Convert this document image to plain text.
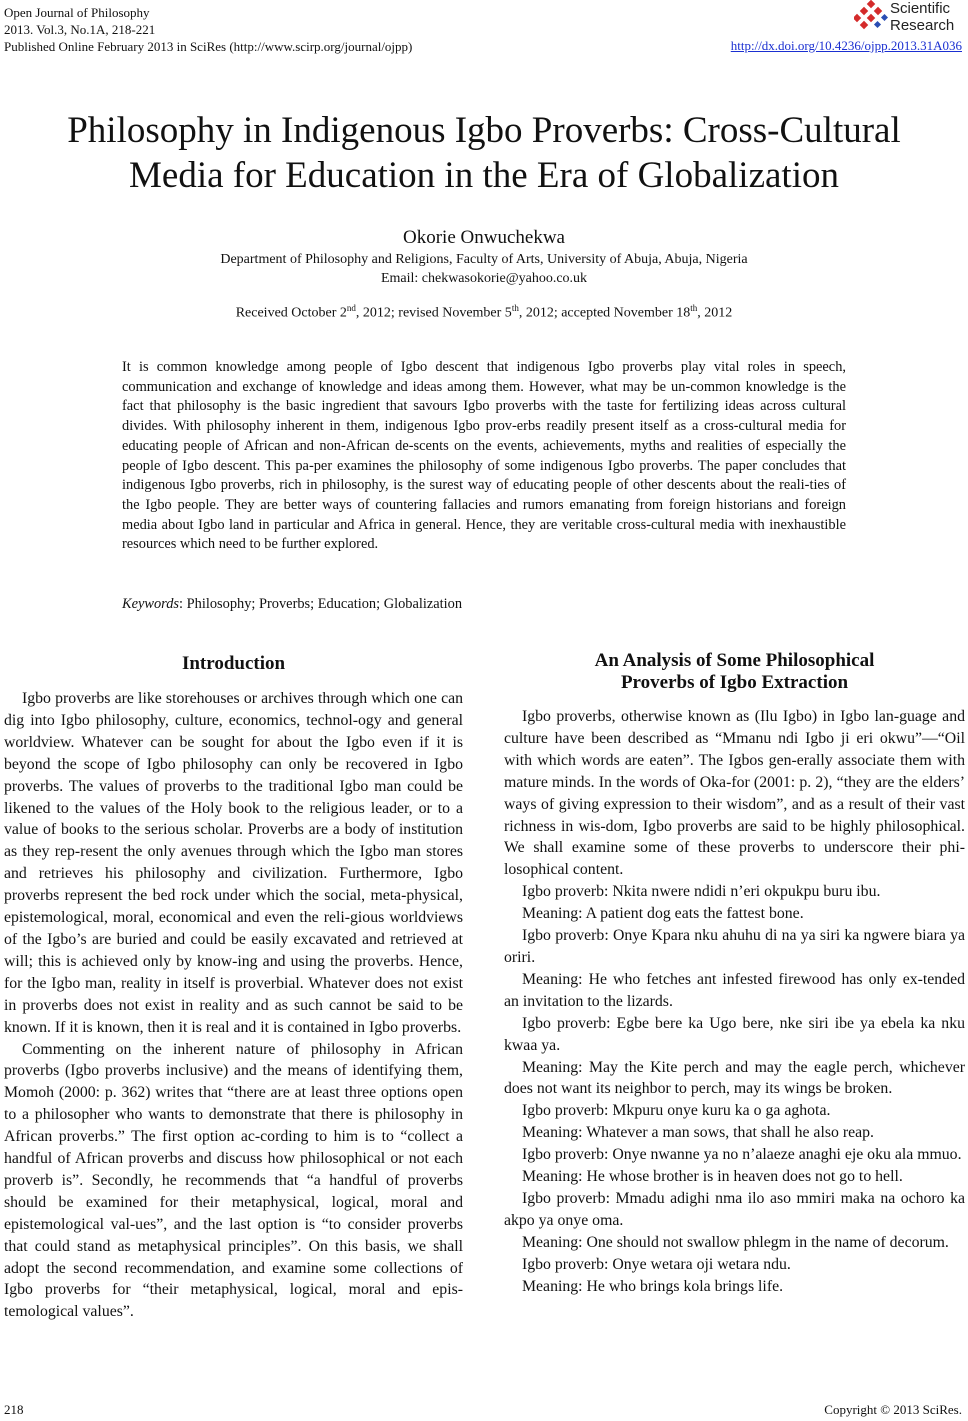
Open Journal of Philosophy
2013. Vol.3, No.1A, 218-221
Published Online February 2013 in SciRes (http://www.scirp.org/journal/ojpp)
Scientific
Research
http://dx.doi.org/10.4236/ojpp.2013.31A036
Philosophy in Indigenous Igbo Proverbs: Cross-Cultural Media for Education in the Era of Globalization
Okorie Onwuchekwa
Department of Philosophy and Religions, Faculty of Arts, University of Abuja, Abuja, Nigeria
Email: chekwasokorie@yahoo.co.uk
Received October 2nd, 2012; revised November 5th, 2012; accepted November 18th, 2012
It is common knowledge among people of Igbo descent that indigenous Igbo proverbs play vital roles in speech, communication and exchange of knowledge and ideas among them. However, what may be un-common knowledge is the fact that philosophy is the basic ingredient that savours Igbo proverbs with the taste for fertilizing ideas across cultural divides. With philosophy inherent in them, indigenous Igbo prov-erbs readily present itself as a cross-cultural media for educating people of African and non-African de-scents on the events, achievements, myths and realities of especially the people of Igbo descent. This pa-per examines the philosophy of some indigenous Igbo proverbs. The paper concludes that indigenous Igbo proverbs, rich in philosophy, is the surest way of educating people of other descents about the reali-ties of the Igbo people. They are better ways of countering fallacies and rumors emanating from foreign historians and foreign media about Igbo land in particular and Africa in general. Hence, they are veritable cross-cultural media with inexhaustible resources which need to be further explored.
Keywords: Philosophy; Proverbs; Education; Globalization
Introduction

Igbo proverbs are like storehouses or archives through which one can dig into Igbo philosophy, culture, economics, technol-ogy and general worldview. Whatever can be sought for about the Igbo even if it is beyond the scope of Igbo philosophy can only be recovered in Igbo proverbs. The values of proverbs to the traditional Igbo man could be likened to the values of the Holy book to the religious leader, or to a value of books to the serious scholar. Proverbs are a body of institution as they rep-resent the only avenues through which the Igbo man stores and retrieves his philosophy and civilization. Furthermore, Igbo proverbs represent the bed rock under which the social, meta-physical, epistemological, moral, economical and even the reli-gious worldviews of the Igbo’s are buried and could be easily excavated and retrieved at will; this is achieved only by know-ing and using the proverbs. Hence, for the Igbo man, reality in itself is proverbial. Whatever does not exist in proverbs does not exist in reality and as such cannot be said to be known. If it is known, then it is real and it is contained in Igbo proverbs.

Commenting on the inherent nature of philosophy in African proverbs (Igbo proverbs inclusive) and the means of identifying them, Momoh (2000: p. 362) writes that “there are at least three options open to a philosopher who wants to demonstrate that there is philosophy in African proverbs.” The first option ac-cording to him is to “collect a handful of African proverbs and discuss how philosophical or not each proverb is”. Secondly, he recommends that “a handful of proverbs should be examined for their metaphysical, logical, moral and epistemological val-ues”, and the last option is “to consider proverbs that could stand as metaphysical principles”. On this basis, we shall adopt the second recommendation, and examine some collections of Igbo proverbs for “their metaphysical, logical, moral and epis-temological values”.

An Analysis of Some Philosophical Proverbs of Igbo Extraction

Igbo proverbs, otherwise known as (Ilu Igbo) in Igbo lan-guage and culture have been described as “Mmanu ndi Igbo ji eri okwu”—“Oil with which words are eaten”. The Igbos gen-erally associate them with mature minds. In the words of Oka-for (2001: p. 2), “they are the elders’ ways of giving expression to their wisdom”, and as a result of their vast richness in wis-dom, Igbo proverbs are said to be highly philosophical. We shall examine some of these proverbs to underscore their phi-losophical content.

Igbo proverb: Nkita nwere ndidi n’eri okpukpu buru ibu.

Meaning: A patient dog eats the fattest bone.

Igbo proverb: Onye Kpara nku ahuhu di na ya siri ka ngwere biara ya oriri.

Meaning: He who fetches ant infested firewood has only ex-tended an invitation to the lizards.

Igbo proverb: Egbe bere ka Ugo bere, nke siri ibe ya ebela ka nku kwaa ya.

Meaning: May the Kite perch and may the eagle perch, whichever does not want its neighbor to perch, may its wings be broken.

Igbo proverb: Mkpuru onye kuru ka o ga aghota.

Meaning: Whatever a man sows, that shall he also reap.

Igbo proverb: Onye nwanne ya no n’alaeze anaghi eje oku ala mmuo.

Meaning: He whose brother is in heaven does not go to hell.

Igbo proverb: Mmadu adighi nma ilo aso mmiri maka na ochoro ka akpo ya onye oma.

Meaning: One should not swallow phlegm in the name of decorum.

Igbo proverb: Onye wetara oji wetara ndu.

Meaning: He who brings kola brings life.

218	Copyright © 2013 SciRes.
